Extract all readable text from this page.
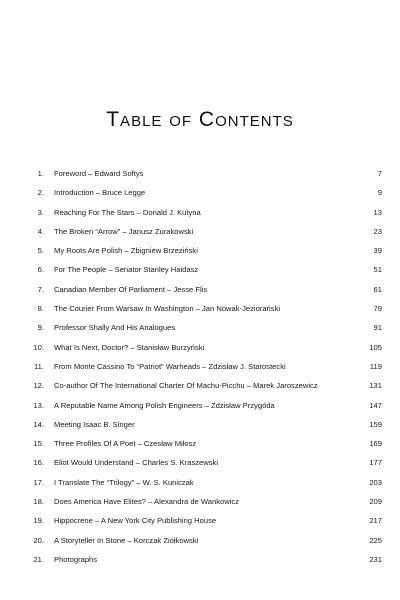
Table of Contents
1.	Foreword – Edward Softys	7
2.	Introduction – Bruce Legge	9
3.	Reaching For The Stars – Donald J. Kutyna	13
4.	The Broken “Arrow” – Janusz Zurakowski	23
5.	My Roots Are Polish – Zbigniew Brzeziński	39
6.	For The People – Senator Stanley Haidasz	51
7.	Canadian Member Of Parliament – Jesse Flis	61
8.	The Courier From Warsaw In Washington – Jan Nowak-Jeziorański	79
9.	Professor Shally And His Analogues	91
10.	What Is Next, Doctor? – Stanisław Burzyński	105
11.	From Monte Cassino To “Patriot” Warheads – Zdzisław J. Starostecki	119
12.	Co-author Of The International Charter Of Machu-Picchu – Marek Jaroszewicz	131
13.	A Reputable Name Among Polish Engineers – Zdzisław Przygóda	147
14.	Meeting Isaac B. Singer	159
15.	Three Profiles Of A Poet – Czesław Miłosz	169
16.	Eliot Would Understand – Charles S. Kraszewski	177
17.	I Translate The “Trilogy” – W. S. Kuniczak	203
18.	Does America Have Elites? – Alexandra de Wankowicz	209
19.	Hippocrene – A New York City Publishing House	217
20.	A Storyteller In Stone – Korczak Ziółkowski	225
21.	Photographs	231
